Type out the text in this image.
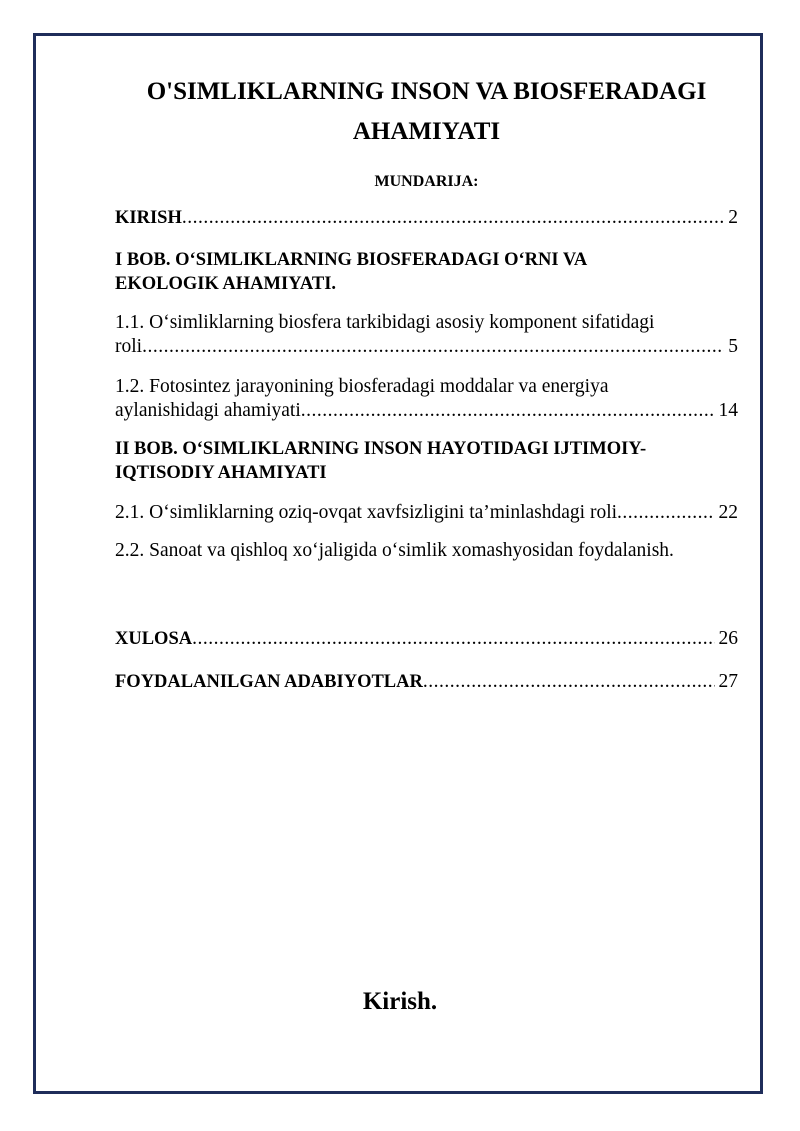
O'SIMLIKLARNING INSON VA BIOSFERADAGI
AHAMIYATI

MUNDARIJA:

KIRISH .....	2

I BOB. O‘SIMLIKLARNING BIOSFERADAGI O‘RNI VA
EKOLOGIK AHAMIYATI.

1.1. O‘simliklarning biosfera tarkibidagi asosiy komponent sifatidagi

roli .....	5

1.2. Fotosintez jarayonining biosferadagi moddalar va energiya

aylanishidagi ahamiyati .....	14

II BOB. O‘SIMLIKLARNING INSON HAYOTIDAGI IJTIMOIY-
IQTISODIY AHAMIYATI

2.1. O‘simliklarning oziq-ovqat xavfsizligini ta’minlashdagi roli .....	22

2.2. Sanoat va qishloq xo‘jaligida o‘simlik xomashyosidan foydalanish.

XULOSA .....	26
FOYDALANILGAN ADABIYOTLAR .....	27
Kirish.
